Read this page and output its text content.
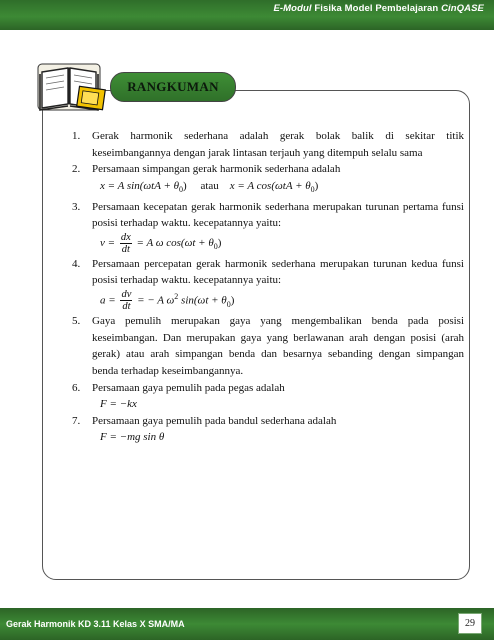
E-Modul Fisika Model Pembelajaran CinQASE
RANGKUMAN
1. Gerak harmonik sederhana adalah gerak bolak balik di sekitar titik keseimbangannya dengan jarak lintasan terjauh yang ditempuh selalu sama
2. Persamaan simpangan gerak harmonik sederhana adalah
x = A $\sin(\omega tA + \theta_0)$ atau x = A $\cos(\omega tA + \theta_0)$
3. Persamaan kecepatan gerak harmonik sederhana merupakan turunan pertama funsi posisi terhadap waktu. kecepatannya yaitu:
$v = \frac{dx}{dt} = A$ ω $\cos(\omega t + \theta_0)$
4. Persamaan percepatan gerak harmonik sederhana merupakan turunan kedua funsi posisi terhadap waktu. kecepatannya yaitu:
$a = \frac{dv}{dt}$ = − A $\omega^2$ $\sin(\omega t + \theta_0)$
5. Gaya pemulih merupakan gaya yang mengembalikan benda pada posisi keseimbangan. Dan merupakan gaya yang berlawanan arah dengan posisi (arah gerak) atau arah simpangan benda dan besarnya sebanding dengan simpangan benda terhadap keseimbangannya.
6. Persamaan gaya pemulih pada pegas adalah
F = −kx
7. Persamaan gaya pemulih pada bandul sederhana adalah
F = −mg sin θ
Gerak Harmonik KD 3.11 Kelas X SMA/MA	29
